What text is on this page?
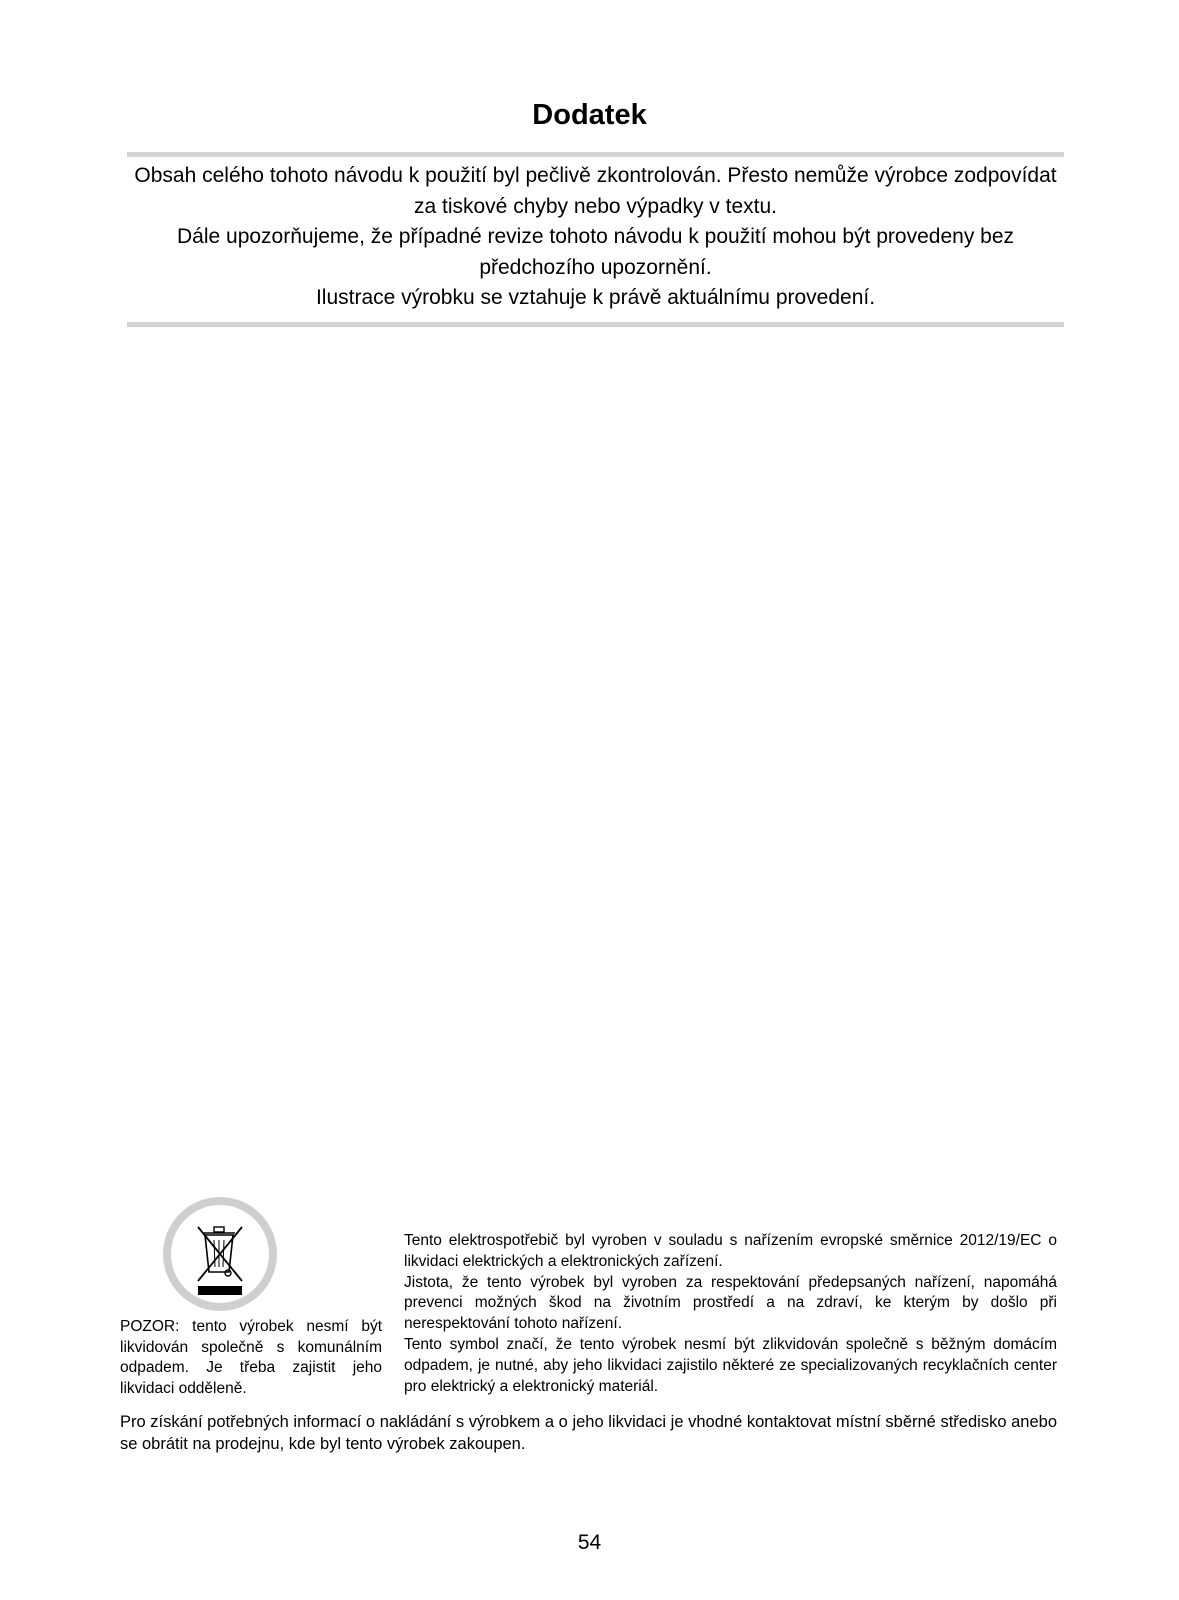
Dodatek

Obsah celého tohoto návodu k použití byl pečlivě zkontrolován. Přesto nemůže výrobce zodpovídat za tiskové chyby nebo výpadky v textu.

Dále upozorňujeme, že případné revize tohoto návodu k použití mohou být provedeny bez předchozího upozornění.

Ilustrace výrobku se vztahuje k právě aktuálnímu provedení.

POZOR: tento výrobek nesmí být likvidován společně s komunálním odpadem. Je třeba zajistit jeho likvidaci odděleně.

Tento elektrospotřebič byl vyroben v souladu s nařízením evropské směrnice 2012/19/EC o likvidaci elektrických a elektronických zařízení.

Jistota, že tento výrobek byl vyroben za respektování předepsaných nařízení, napomáhá prevenci možných škod na životním prostředí a na zdraví, ke kterým by došlo při nerespektování tohoto nařízení.

Tento symbol značí, že tento výrobek nesmí být zlikvidován společně s běžným domácím odpadem, je nutné, aby jeho likvidaci zajistilo některé ze specializovaných recyklačních center pro elektrický a elektronický materiál.

Pro získání potřebných informací o nakládání s výrobkem a o jeho likvidaci je vhodné kontaktovat místní sběrné středisko anebo se obrátit na prodejnu, kde byl tento výrobek zakoupen.
54
